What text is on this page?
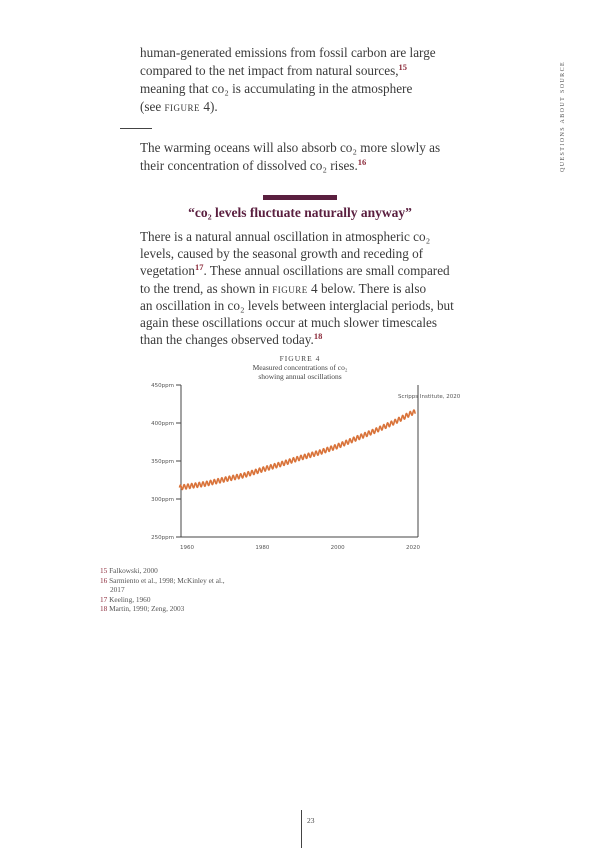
human-generated emissions from fossil carbon are large
compared to the net impact from natural sources,$^{15}$
meaning that co₂ is accumulating in the atmosphere
(see figure 4).
The warming oceans will also absorb co₂ more slowly as
their concentration of dissolved co₂ rises.$^{16}$	QUESTIONS ABOUT SOURCE
“co₂ levels fluctuate naturally anyway”
There is a natural annual oscillation in atmospheric co₂
levels, caused by the seasonal growth and receding of
vegetation$^{17}$. These annual oscillations are small compared
to the trend, as shown in figure 4 below. There is also
an oscillation in co₂ levels between interglacial periods, but
again these oscillations occur at much slower timescales
than the changes observed today.$^{18}$
FIGURE 4
Measured concentrations of co₂
showing annual oscillations
450ppm
400ppm
350ppm
300ppm
250ppm
1960	1980	2000	2020
Scripps Institute, 2020
15 Falkowski, 2000
16 Sarmiento et al., 1998; McKinley et al., 2017
17 Keeling, 1960
18 Martin, 1990; Zeng, 2003
23
